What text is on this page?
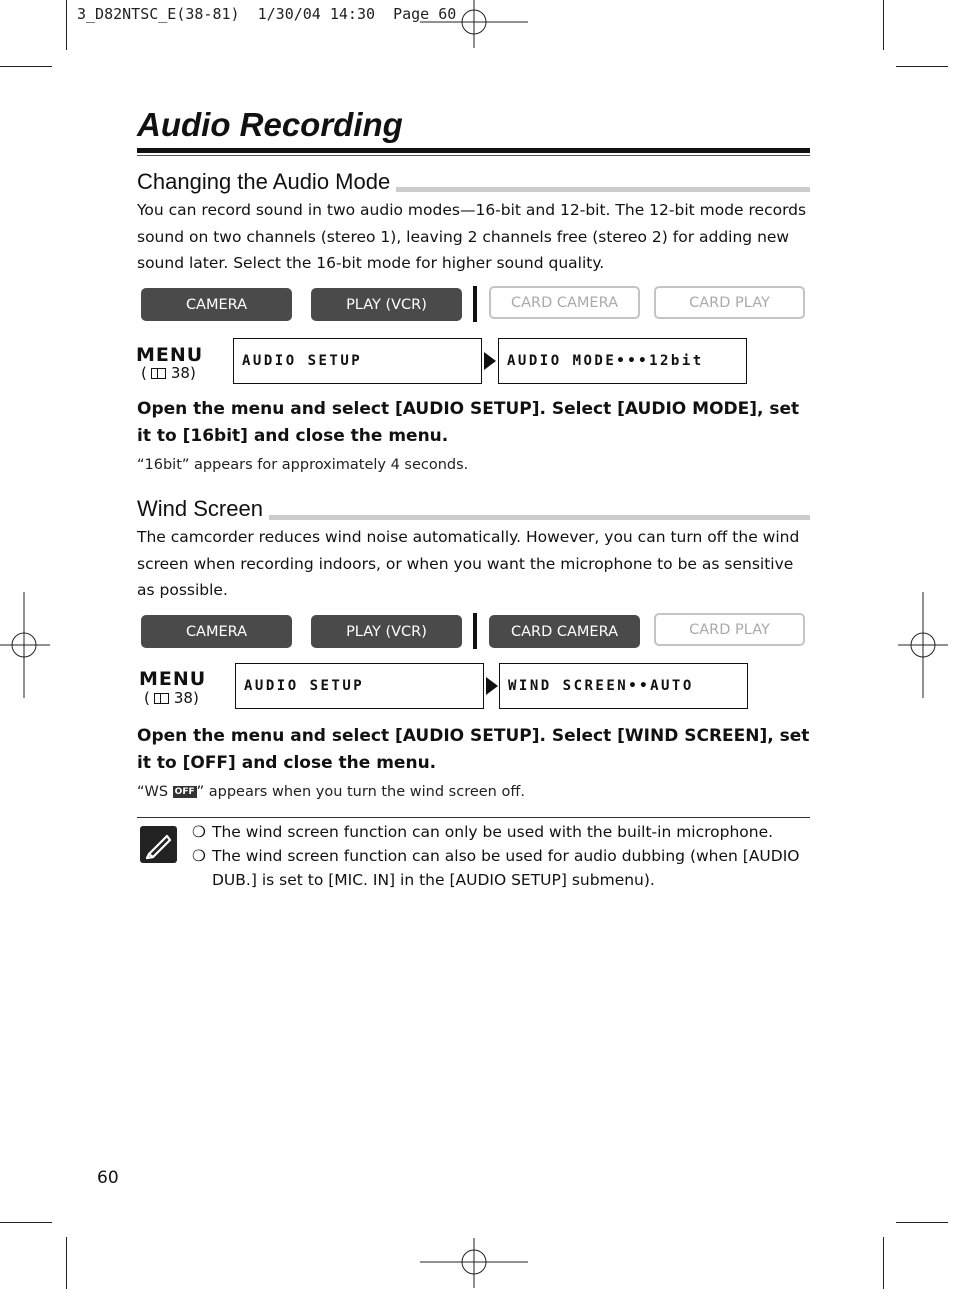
3_D82NTSC_E(38-81)  1/30/04 14:30  Page 60
Audio Recording
Changing the Audio Mode
You can record sound in two audio modes—16-bit and 12-bit. The 12-bit mode records sound on two channels (stereo 1), leaving 2 channels free (stereo 2) for adding new sound later. Select the 16-bit mode for higher sound quality.
CAMERA	PLAY (VCR)	CARD CAMERA	CARD PLAY
MENU
( 38)
AUDIO SETUP	AUDIO MODE•••12bit
Open the menu and select [AUDIO SETUP]. Select [AUDIO MODE], set it to [16bit] and close the menu.
“16bit” appears for approximately 4 seconds.
Wind Screen
The camcorder reduces wind noise automatically. However, you can turn off the wind screen when recording indoors, or when you want the microphone to be as sensitive as possible.
CAMERA	PLAY (VCR)	CARD CAMERA	CARD PLAY
MENU
( 38)
AUDIO SETUP	WIND SCREEN••AUTO
Open the menu and select [AUDIO SETUP]. Select [WIND SCREEN], set it to [OFF] and close the menu.
“WS OFF ” appears when you turn the wind screen off.
❍ The wind screen function can only be used with the built-in microphone.
❍ The wind screen function can also be used for audio dubbing (when [AUDIO
DUB.] is set to [MIC. IN] in the [AUDIO SETUP] submenu).
60
